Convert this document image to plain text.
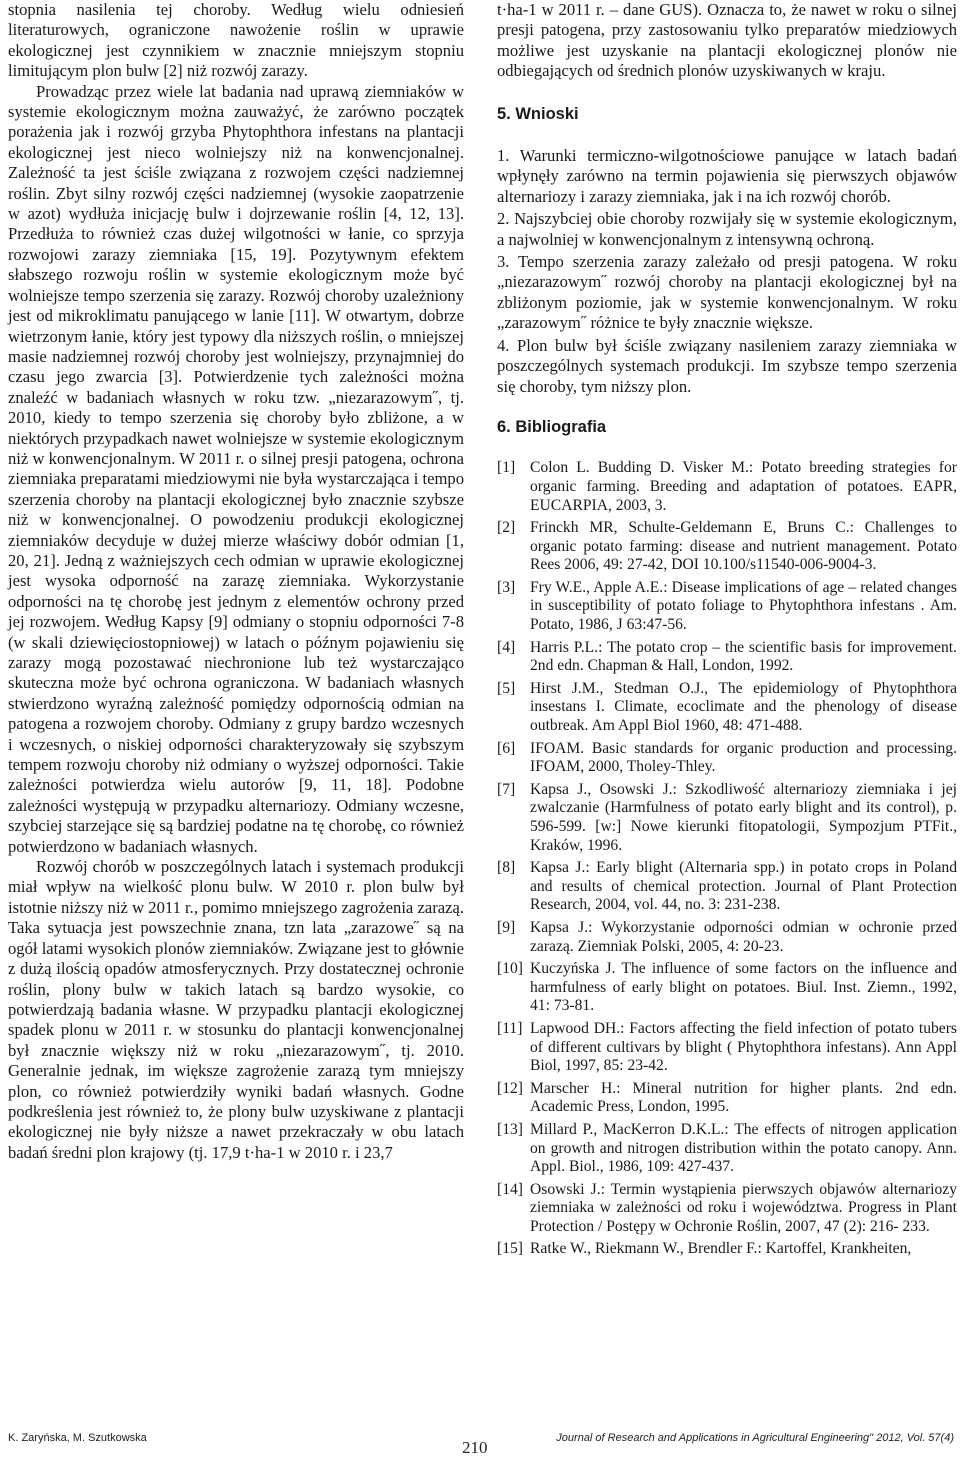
stopnia nasilenia tej choroby. Według wielu odniesień literaturowych, ograniczone nawożenie roślin w uprawie ekologicznej jest czynnikiem w znacznie mniejszym stopniu limitującym plon bulw [2] niż rozwój zarazy.

Prowadząc przez wiele lat badania nad uprawą ziemniaków w systemie ekologicznym można zauważyć, że zarówno początek porażenia jak i rozwój grzyba Phytophthora infestans na plantacji ekologicznej jest nieco wolniejszy niż na konwencjonalnej. Zależność ta jest ściśle związana z rozwojem części nadziemnej roślin. Zbyt silny rozwój części nadziemnej (wysokie zaopatrzenie w azot) wydłuża inicjację bulw i dojrzewanie roślin [4, 12, 13]. Przedłuża to również czas dużej wilgotności w łanie, co sprzyja rozwojowi zarazy ziemniaka [15, 19]. Pozytywnym efektem słabszego rozwoju roślin w systemie ekologicznym może być wolniejsze tempo szerzenia się zarazy. Rozwój choroby uzależniony jest od mikroklimatu panującego w lanie [11]. W otwartym, dobrze wietrzonym łanie, który jest typowy dla niższych roślin, o mniejszej masie nadziemnej rozwój choroby jest wolniejszy, przynajmniej do czasu jego zwarcia [3]. Potwierdzenie tych zależności można znaleźć w badaniach własnych w roku tzw. „niezarazowym˝, tj. 2010, kiedy to tempo szerzenia się choroby było zbliżone, a w niektórych przypadkach nawet wolniejsze w systemie ekologicznym niż w konwencjonalnym. W 2011 r. o silnej presji patogena, ochrona ziemniaka preparatami miedziowymi nie była wystarczająca i tempo szerzenia choroby na plantacji ekologicznej było znacznie szybsze niż w konwencjonalnej. O powodzeniu produkcji ekologicznej ziemniaków decyduje w dużej mierze właściwy dobór odmian [1, 20, 21]. Jedną z ważniejszych cech odmian w uprawie ekologicznej jest wysoka odporność na zarazę ziemniaka. Wykorzystanie odporności na tę chorobę jest jednym z elementów ochrony przed jej rozwojem. Według Kapsy [9] odmiany o stopniu odporności 7-8 (w skali dziewięciostopniowej) w latach o późnym pojawieniu się zarazy mogą pozostawać niechronione lub też wystarczająco skuteczna może być ochrona ograniczona. W badaniach własnych stwierdzono wyraźną zależność pomiędzy odpornością odmian na patogena a rozwojem choroby. Odmiany z grupy bardzo wczesnych i wczesnych, o niskiej odporności charakteryzowały się szybszym tempem rozwoju choroby niż odmiany o wyższej odporności. Takie zależności potwierdza wielu autorów [9, 11, 18]. Podobne zależności występują w przypadku alternariozy. Odmiany wczesne, szybciej starzejące się są bardziej podatne na tę chorobę, co również potwierdzono w badaniach własnych.

Rozwój chorób w poszczególnych latach i systemach produkcji miał wpływ na wielkość plonu bulw. W 2010 r. plon bulw był istotnie niższy niż w 2011 r., pomimo mniejszego zagrożenia zarazą. Taka sytuacja jest powszechnie znana, tzn lata „zarazowe˝ są na ogół latami wysokich plonów ziemniaków. Związane jest to głównie z dużą ilością opadów atmosferycznych. Przy dostatecznej ochronie roślin, plony bulw w takich latach są bardzo wysokie, co potwierdzają badania własne. W przypadku plantacji ekologicznej spadek plonu w 2011 r. w stosunku do plantacji konwencjonalnej był znacznie większy niż w roku „niezarazowym˝, tj. 2010. Generalnie jednak, im większe zagrożenie zarazą tym mniejszy plon, co również potwierdziły wyniki badań własnych. Godne podkreślenia jest również to, że plony bulw uzyskiwane z plantacji ekologicznej nie były niższe a nawet przekraczały w obu latach badań średni plon krajowy (tj. 17,9 t·ha-1 w 2010 r. i 23,7

t·ha-1 w 2011 r. – dane GUS). Oznacza to, że nawet w roku o silnej presji patogena, przy zastosowaniu tylko preparatów miedziowych możliwe jest uzyskanie na plantacji ekologicznej plonów nie odbiegających od średnich plonów uzyskiwanych w kraju.

5. Wnioski

1. Warunki termiczno-wilgotnościowe panujące w latach badań wpłynęły zarówno na termin pojawienia się pierwszych objawów alternariozy i zarazy ziemniaka, jak i na ich rozwój chorób.

2. Najszybciej obie choroby rozwijały się w systemie ekologicznym, a najwolniej w konwencjonalnym z intensywną ochroną.

3. Tempo szerzenia zarazy zależało od presji patogena. W roku „niezarazowym˝ rozwój choroby na plantacji ekologicznej był na zbliżonym poziomie, jak w systemie konwencjonalnym. W roku „zarazowym˝ różnice te były znacznie większe.

4. Plon bulw był ściśle związany nasileniem zarazy ziemniaka w poszczególnych systemach produkcji. Im szybsze tempo szerzenia się choroby, tym niższy plon.

6. Bibliografia
[1] Colon L. Budding D. Visker M.: Potato breeding strategies for organic farming. Breeding and adaptation of potatoes. EAPR, EUCARPIA, 2003, 3.
[2] Frinckh MR, Schulte-Geldemann E, Bruns C.: Challenges to organic potato farming: disease and nutrient management. Potato Rees 2006, 49: 27-42, DOI 10.100/s11540-006-9004-3.
[3] Fry W.E., Apple A.E.: Disease implications of age – related changes in susceptibility of potato foliage to Phytophthora infestans . Am. Potato, 1986, J 63:47-56.
[4] Harris P.L.: The potato crop – the scientific basis for improvement. 2nd edn. Chapman & Hall, London, 1992.
[5] Hirst J.M., Stedman O.J., The epidemiology of Phytophthora insestans I. Climate, ecoclimate and the phenology of disease outbreak. Am Appl Biol 1960, 48: 471-488.
[6] IFOAM. Basic standards for organic production and processing. IFOAM, 2000, Tholey-Thley.
[7] Kapsa J., Osowski J.: Szkodliwość alternariozy ziemniaka i jej zwalczanie (Harmfulness of potato early blight and its control), p. 596-599. [w:] Nowe kierunki fitopatologii, Sympozjum PTFit., Kraków, 1996.
[8] Kapsa J.: Early blight (Alternaria spp.) in potato crops in Poland and results of chemical protection. Journal of Plant Protection Research, 2004, vol. 44, no. 3: 231-238.
[9] Kapsa J.: Wykorzystanie odporności odmian w ochronie przed zarazą. Ziemniak Polski, 2005, 4: 20-23.
[10] Kuczyńska J. The influence of some factors on the influence and harmfulness of early blight on potatoes. Biul. Inst. Ziemn., 1992, 41: 73-81.
[11] Lapwood DH.: Factors affecting the field infection of potato tubers of different cultivars by blight ( Phytophthora infestans). Ann Appl Biol, 1997, 85: 23-42.
[12] Marscher H.: Mineral nutrition for higher plants. 2nd edn. Academic Press, London, 1995.
[13] Millard P., MacKerron D.K.L.: The effects of nitrogen application on growth and nitrogen distribution within the potato canopy. Ann. Appl. Biol., 1986, 109: 427-437.
[14] Osowski J.: Termin wystąpienia pierwszych objawów alternariozy ziemniaka w zależności od roku i województwa. Progress in Plant Protection / Postępy w Ochronie Roślin, 2007, 47 (2): 216- 233.
[15] Ratke W., Riekmann W., Brendler F.: Kartoffel, Krankheiten,
K. Zaryńska, M. Szutkowska	210	Journal of Research and Applications in Agricultural Engineering" 2012, Vol. 57(4)
